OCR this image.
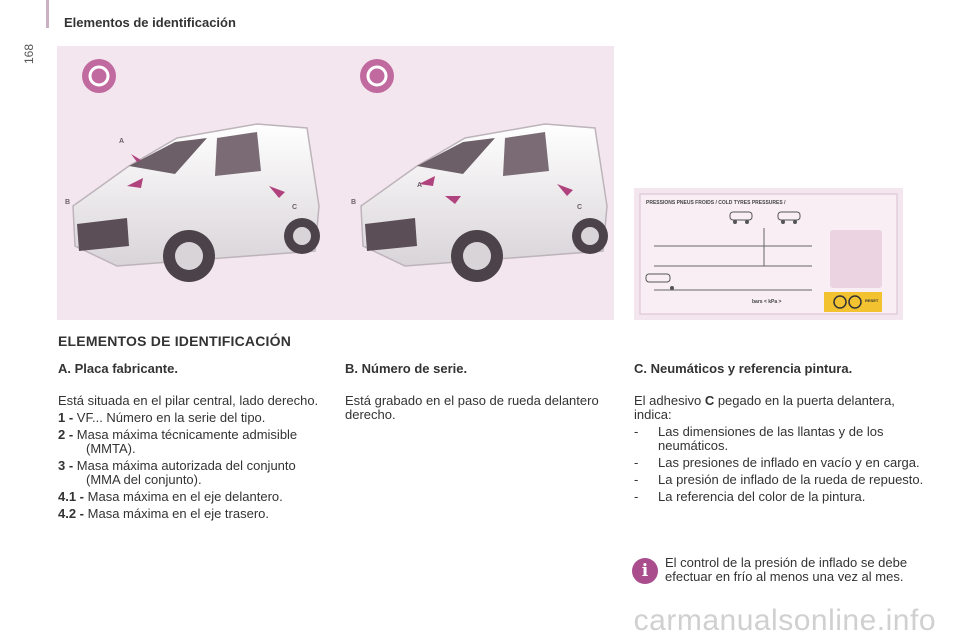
168
Elementos de identificación
A
B
C
A
B
C
PRESSIONS PNEUS FROIDS / COLD TYRES PRESSURES /
bars < kPa >	RESET
ELEMENTOS DE IDENTIFICACIÓN
A. Placa fabricante.

Está situada en el pilar central, lado derecho.

1 - VF... Número en la serie del tipo.
2 - Masa máxima técnicamente admisible (MMTA).
3 - Masa máxima autorizada del conjunto (MMA del conjunto).
4.1 - Masa máxima en el eje delantero.
4.2 - Masa máxima en el eje trasero.
B. Número de serie.

Está grabado en el paso de rueda delantero derecho.

C. Neumáticos y referencia pintura.

El adhesivo C pegado en la puerta delantera, indica:

- Las dimensiones de las llantas y de los neumáticos.
- Las presiones de inflado en vacío y en carga.
- La presión de inflado de la rueda de repuesto.
- La referencia del color de la pintura.
i	El control de la presión de inflado se debe efectuar en frío al menos una vez al mes.
carmanualsonline.info
